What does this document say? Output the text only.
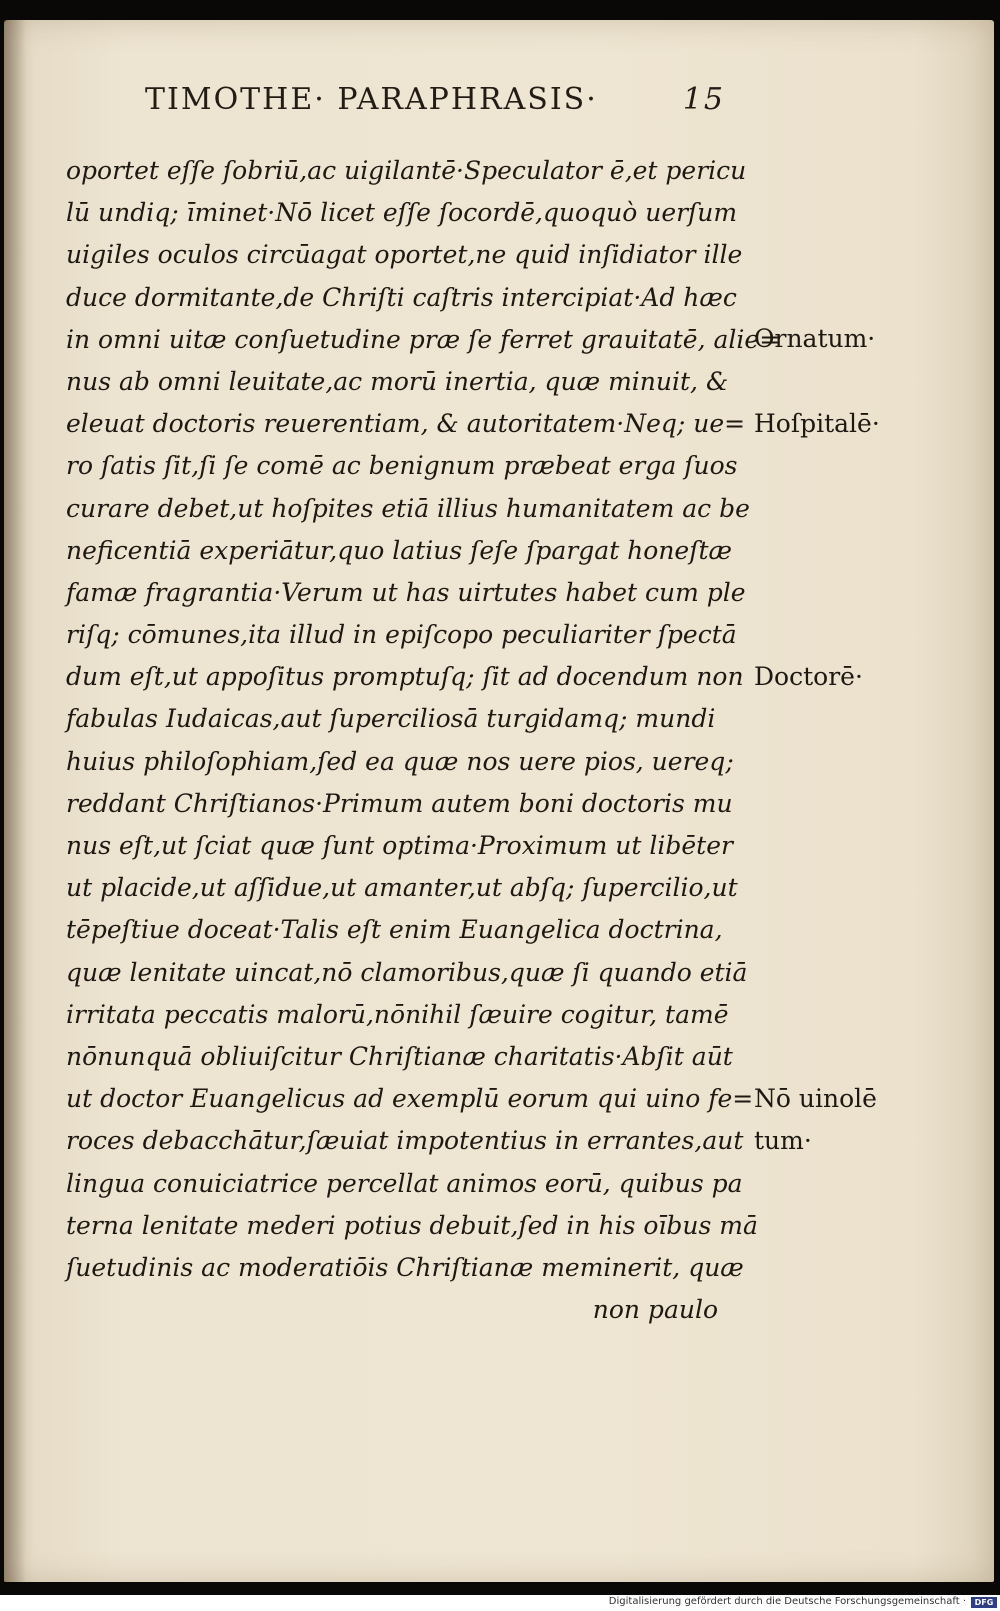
TIMOTHE· PARAPHRASIS·	15
oportet eſſe ſobriū,ac uigilantē·Speculator ē,et pericu
lū undiq; īminet·Nō licet eſſe ſocordē,quoquò uerſum
uigiles oculos circūagat oportet,ne quid inſidiator ille
duce dormitante,de Chriſti caſtris intercipiat·Ad hæc
in omni uitæ conſuetudine præ ſe ferret grauitatē, alie=
nus ab omni leuitate,ac morū inertia, quæ minuit, &
eleuat doctoris reuerentiam, & autoritatem·Neq; ue=
ro ſatis ſit,ſi ſe comē ac benignum præbeat erga ſuos
curare debet,ut hoſpites etiā illius humanitatem ac be
neficentiā experiātur,quo latius ſeſe ſpargat honeſtæ
famæ fragrantia·Verum ut has uirtutes habet cum ple
riſq; cōmunes,ita illud in epiſcopo peculiariter ſpectā
dum eſt,ut appoſitus promptuſq; ſit ad docendum non
fabulas Iudaicas,aut ſuperciliosā turgidamq; mundi
huius philoſophiam,ſed ea quæ nos uere pios, uereq;
reddant Chriſtianos·Primum autem boni doctoris mu
nus eſt,ut ſciat quæ ſunt optima·Proximum ut libēter
ut placide,ut aſſidue,ut amanter,ut abſq; ſupercilio,ut
tēpeſtiue doceat·Talis eſt enim Euangelica doctrina,
quæ lenitate uincat,nō clamoribus,quæ ſi quando etiā
irritata peccatis malorū,nōnihil ſæuire cogitur, tamē
nōnunquā obliuiſcitur Chriſtianæ charitatis·Abſit aūt
ut doctor Euangelicus ad exemplū eorum qui uino fe=
roces debacchātur,ſæuiat impotentius in errantes,aut
lingua conuiciatrice percellat animos eorū, quibus pa
terna lenitate mederi potius debuit,ſed in his oībus mā
ſuetudinis ac moderatiōis Chriſtianæ meminerit, quæ
non paulo
Ornatum·
Hoſpitalē·
Doctorē·
Nō uinolē
tum·
Digitalisierung gefördert durch die Deutsche Forschungsgemeinschaft ·	DFG
